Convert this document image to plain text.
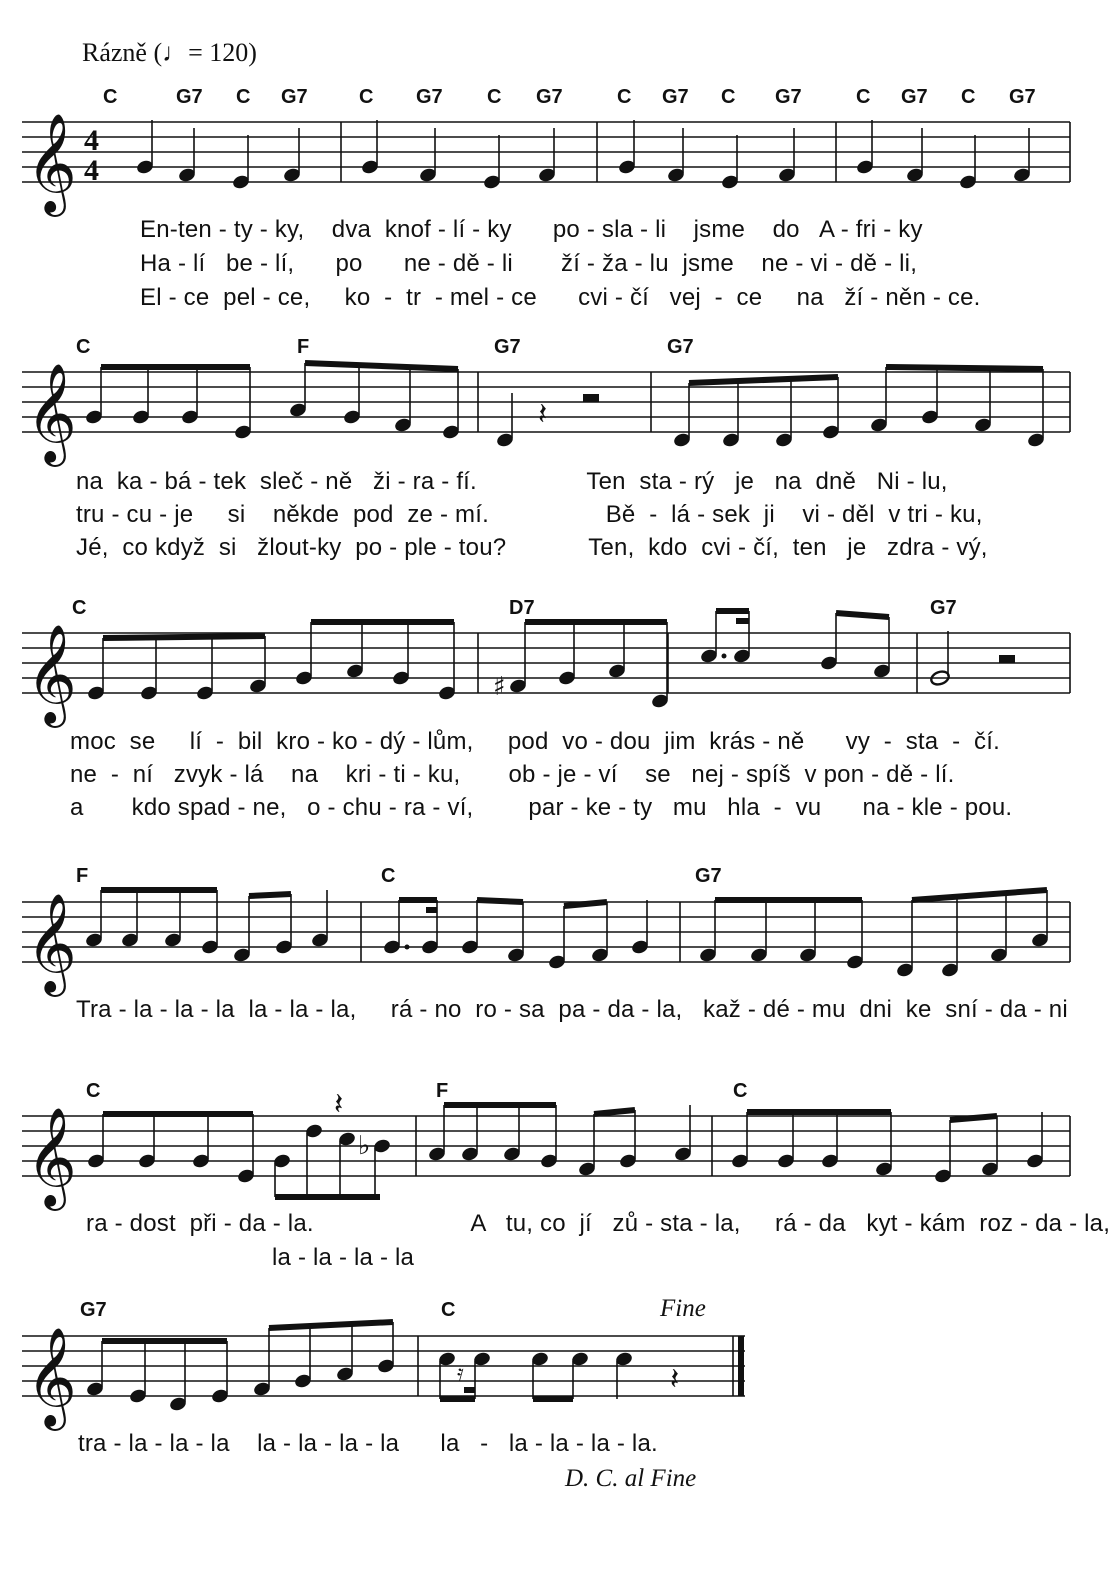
Rázně (♩= 120)
C	G7 C G7	C G7 C G7	C G7 C G7	C G7 C G7
𝄞 4
4
En-ten - ty - ky,    dva  knof - lí - ky      po - sla - li    jsme    do   A - fri - ky
Ha - lí   be - lí,      po      ne - dě - li       ží - ža - lu  jsme    ne - vi - dě - li,
El - ce  pel - ce,     ko  -  tr  - mel - ce      cvi - čí   vej  -  ce     na   ží - něn - ce.
C	F	G7	G7
𝄞	𝄽
na  ka - bá - tek  sleč - ně   ži - ra - fí.                Ten  sta - rý   je   na  dně   Ni - lu,
tru - cu - je     si    někde  pod  ze - mí.                 Bě  -  lá - sek  ji    vi - děl  v tri - ku,
Jé,  co když  si   žlout-ky  po - ple - tou?            Ten,  kdo  cvi - čí,  ten   je   zdra - vý,
C	D7	G7
𝄞	♯
moc  se     lí  -  bil  kro - ko - dý - lům,     pod  vo - dou  jim  krás - ně      vy  -  sta  -  čí.
ne  -  ní   zvyk - lá    na    kri - ti - ku,       ob - je - ví    se   nej - spíš  v pon - dě - lí.
a       kdo spad - ne,   o - chu - ra - ví,        par - ke - ty   mu   hla  -  vu      na - kle - pou.
F	C	G7
𝄞
Tra - la - la - la  la - la - la,     rá - no  ro - sa  pa - da - la,   kaž - dé - mu  dni  ke  sní - da - ni
C	F	C
𝄞	♭
𝄽
ra - dost  při - da - la.                       A   tu, co  jí   zů - sta - la,     rá - da   kyt - kám  roz - da - la,
la - la - la - la
G7	C	Fine
𝄞	𝄿	𝄽
tra - la - la - la    la - la - la - la      la   -   la - la - la - la.
D. C. al Fine
